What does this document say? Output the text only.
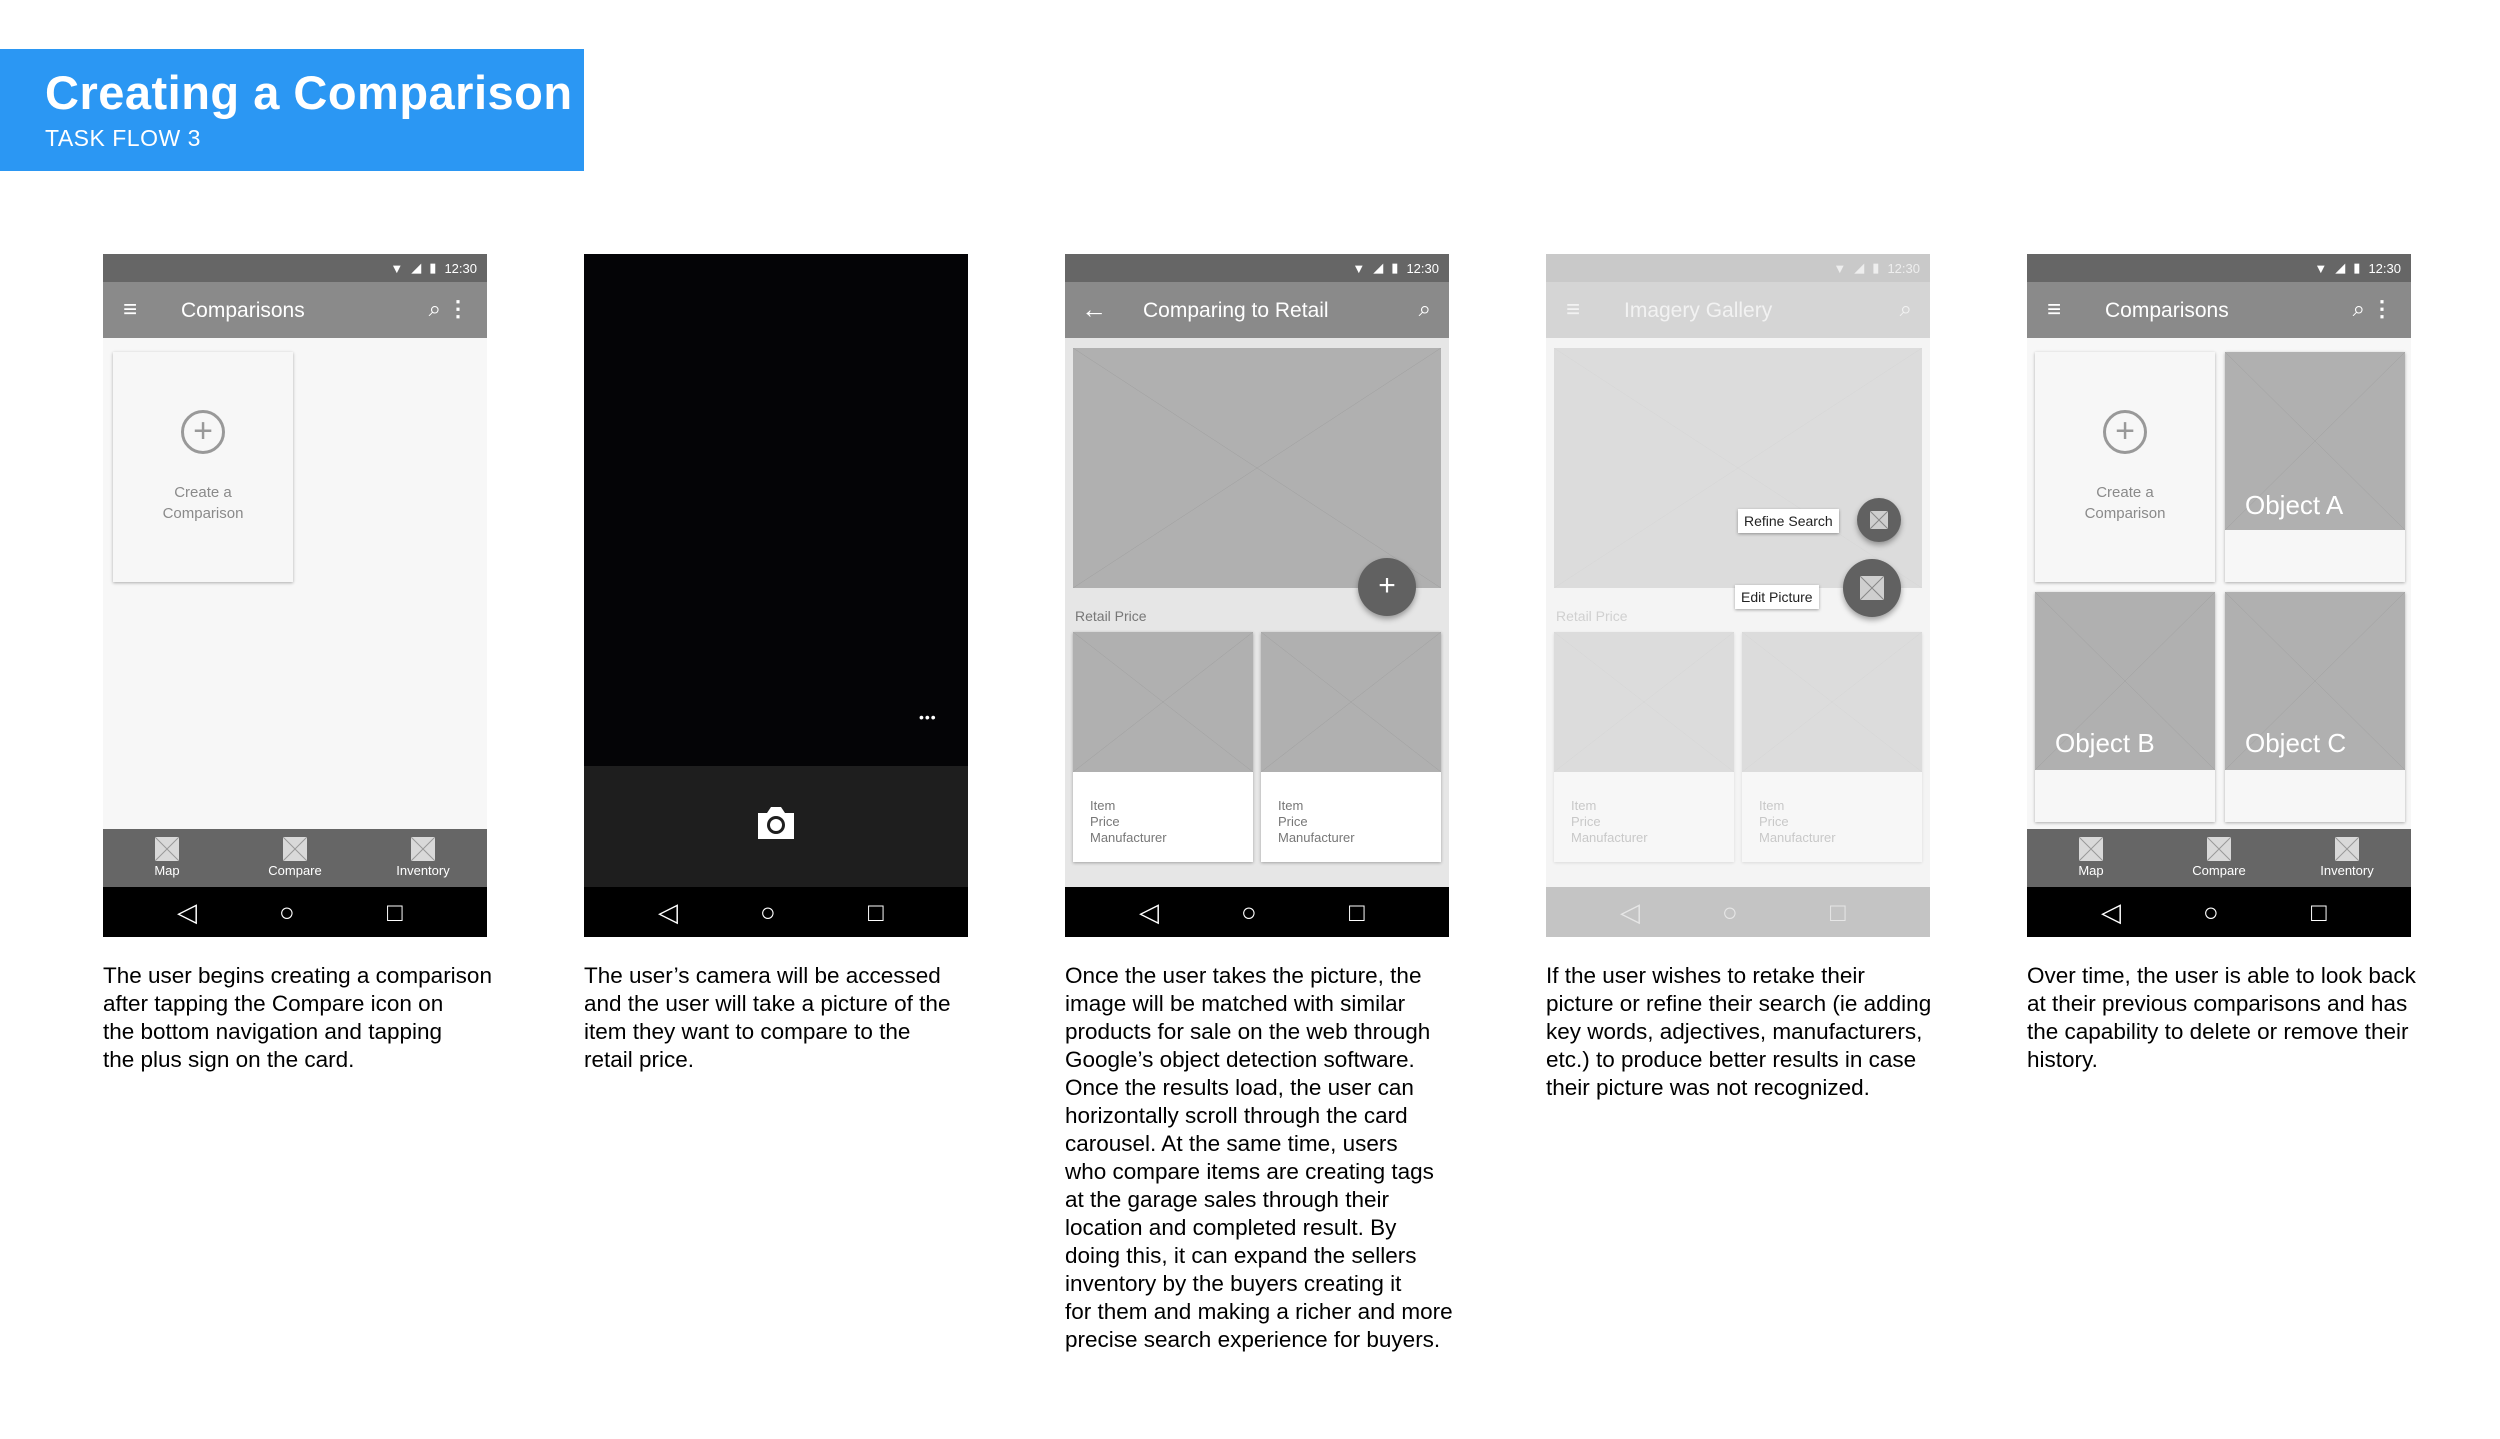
Creating a Comparison
TASK FLOW 3
▼ ◢ ▮ 12:30
≡ Comparisons	⌕ ⋮
+
Create a
Comparison
Map	Compare	Inventory
◁	○	□
•••
◁	○	□
▼ ◢ ▮ 12:30
← Comparing to Retail	⌕
+
Retail Price
Item
Price
Manufacturer
Item
Price
Manufacturer
◁	○	□
▼ ◢ ▮ 12:30
≡ Imagery Gallery	⌕
Retail Price
Item
Price
Manufacturer
Item
Price
Manufacturer
Refine Search
Edit Picture
◁	○	□
▼ ◢ ▮ 12:30
≡ Comparisons	⌕ ⋮
+
Create a
Comparison	Object A
Object B	Object C
Map	Compare	Inventory
◁	○	□
The user begins creating a comparison
after tapping the Compare icon on
the bottom navigation and tapping
the plus sign on the card.
The user’s camera will be accessed
and the user will take a picture of the
item they want to compare to the
retail price.
Once the user takes the picture, the
image will be matched with similar
products for sale on the web through
Google’s object detection software.
Once the results load, the user can
horizontally scroll through the card
carousel. At the same time, users
who compare items are creating tags
at the garage sales through their
location and completed result. By
doing this, it can expand the sellers
inventory by the buyers creating it
for them and making a richer and more
precise search experience for buyers.
If the user wishes to retake their
picture or refine their search (ie adding
key words, adjectives, manufacturers,
etc.) to produce better results in case
their picture was not recognized.
Over time, the user is able to look back
at their previous comparisons and has
the capability to delete or remove their
history.
